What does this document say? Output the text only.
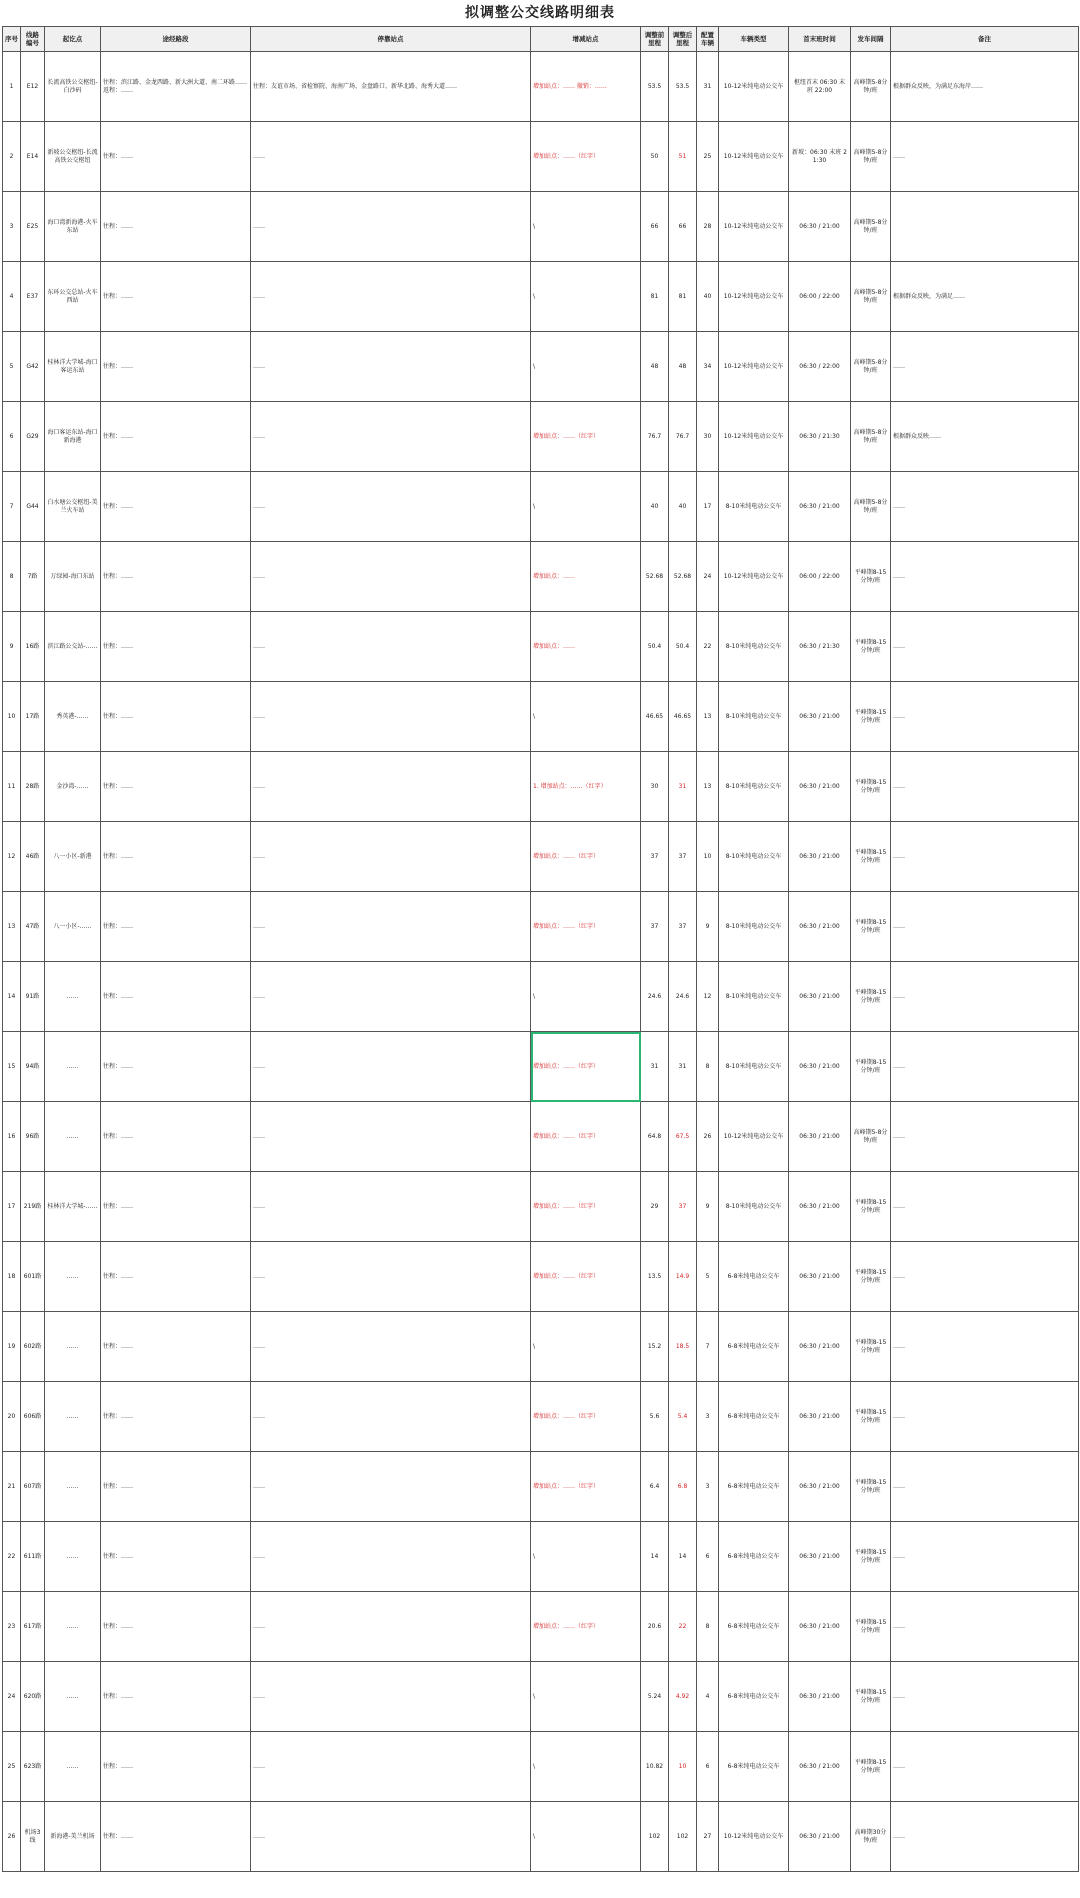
拟调整公交线路明细表
序号	线路编号	起讫点	途经路段	停靠站点	增减站点	调整前里程	调整后里程	配置车辆	车辆类型	首末班时间	发车间隔	备注
1	E12	长流高铁公交枢纽-白沙码	往程：滨江路、金龙西路、新大洲大道、南二环路……返程：……	往程：友谊市场、省检察院、海南广场、金盘路口、新华北路、海秀大道……	增加站点：…… 撤销：……	53.5	53.5	31	10-12米纯电动公交车	枢纽首末 06:30 末班 22:00	高峰期5-8分钟/班	根据群众反映，为满足东海岸……
2	E14	新坡公交枢纽-长流高铁公交枢纽	往程：……	……	增加站点：……（红字）	50	51	25	10-12米纯电动公交车	新坡：06:30 末班 21:30	高峰期5-8分钟/班	……
3	E25	海口湾新海港-火车东站	往程：……	……	\	66	66	28	10-12米纯电动公交车	06:30 / 21:00	高峰期5-8分钟/班	
4	E37	东环公交总站-火车西站	往程：……	……	\	81	81	40	10-12米纯电动公交车	06:00 / 22:00	高峰期5-8分钟/班	根据群众反映，为满足……
5	G42	桂林洋大学城-海口客运东站	往程：……	……	\	48	48	34	10-12米纯电动公交车	06:30 / 22:00	高峰期5-8分钟/班	……
6	G29	海口客运东站-海口新海港	往程：……	……	增加站点：……（红字）	76.7	76.7	30	10-12米纯电动公交车	06:30 / 21:30	高峰期5-8分钟/班	根据群众反映……
7	G44	白水塘公交枢纽-美兰火车站	往程：……	……	\	40	40	17	8-10米纯电动公交车	06:30 / 21:00	高峰期5-8分钟/班	……
8	7路	万绿园-海口东站	往程：……	……	增加站点：……	52.68	52.68	24	10-12米纯电动公交车	06:00 / 22:00	平峰期8-15分钟/班	……
9	16路	滨江路公交站-……	往程：……	……	增加站点：……	50.4	50.4	22	8-10米纯电动公交车	06:30 / 21:30	平峰期8-15分钟/班	……
10	17路	秀英港-……	往程：……	……	\	46.65	46.65	13	8-10米纯电动公交车	06:30 / 21:00	平峰期8-15分钟/班	……
11	28路	金沙湾-……	往程：……	……	1. 增加站点：……（红字）	30	31	13	8-10米纯电动公交车	06:30 / 21:00	平峰期8-15分钟/班	……
12	46路	八一小区-新港	往程：……	……	增加站点：……（红字）	37	37	10	8-10米纯电动公交车	06:30 / 21:00	平峰期8-15分钟/班	……
13	47路	八一小区-……	往程：……	……	增加站点：……（红字）	37	37	9	8-10米纯电动公交车	06:30 / 21:00	平峰期8-15分钟/班	……
14	91路	……	往程：……	……	\	24.6	24.6	12	8-10米纯电动公交车	06:30 / 21:00	平峰期8-15分钟/班	……
15	94路	……	往程：……	……	增加站点：……（红字）	31	31	8	8-10米纯电动公交车	06:30 / 21:00	平峰期8-15分钟/班	……
16	96路	……	往程：……	……	增加站点：……（红字）	64.8	67.5	26	10-12米纯电动公交车	06:30 / 21:00	高峰期5-8分钟/班	……
17	219路	桂林洋大学城-……	往程：……	……	增加站点：……（红字）	29	37	9	8-10米纯电动公交车	06:30 / 21:00	平峰期8-15分钟/班	……
18	601路	……	往程：……	……	增加站点：……（红字）	13.5	14.9	5	6-8米纯电动公交车	06:30 / 21:00	平峰期8-15分钟/班	……
19	602路	……	往程：……	……	\	15.2	18.5	7	6-8米纯电动公交车	06:30 / 21:00	平峰期8-15分钟/班	……
20	606路	……	往程：……	……	增加站点：……（红字）	5.6	5.4	3	6-8米纯电动公交车	06:30 / 21:00	平峰期8-15分钟/班	……
21	607路	……	往程：……	……	增加站点：……（红字）	6.4	6.8	3	6-8米纯电动公交车	06:30 / 21:00	平峰期8-15分钟/班	……
22	611路	……	往程：……	……	\	14	14	6	6-8米纯电动公交车	06:30 / 21:00	平峰期8-15分钟/班	……
23	617路	……	往程：……	……	增加站点：……（红字）	20.6	22	8	6-8米纯电动公交车	06:30 / 21:00	平峰期8-15分钟/班	……
24	620路	……	往程：……	……	\	5.24	4.92	4	6-8米纯电动公交车	06:30 / 21:00	平峰期8-15分钟/班	……
25	623路	……	往程：……	……	\	10.82	10	6	6-8米纯电动公交车	06:30 / 21:00	平峰期8-15分钟/班	……
26	机场3线	新海港-美兰机场	往程：……	……	\	102	102	27	10-12米纯电动公交车	06:30 / 21:00	高峰期30分钟/班	……
